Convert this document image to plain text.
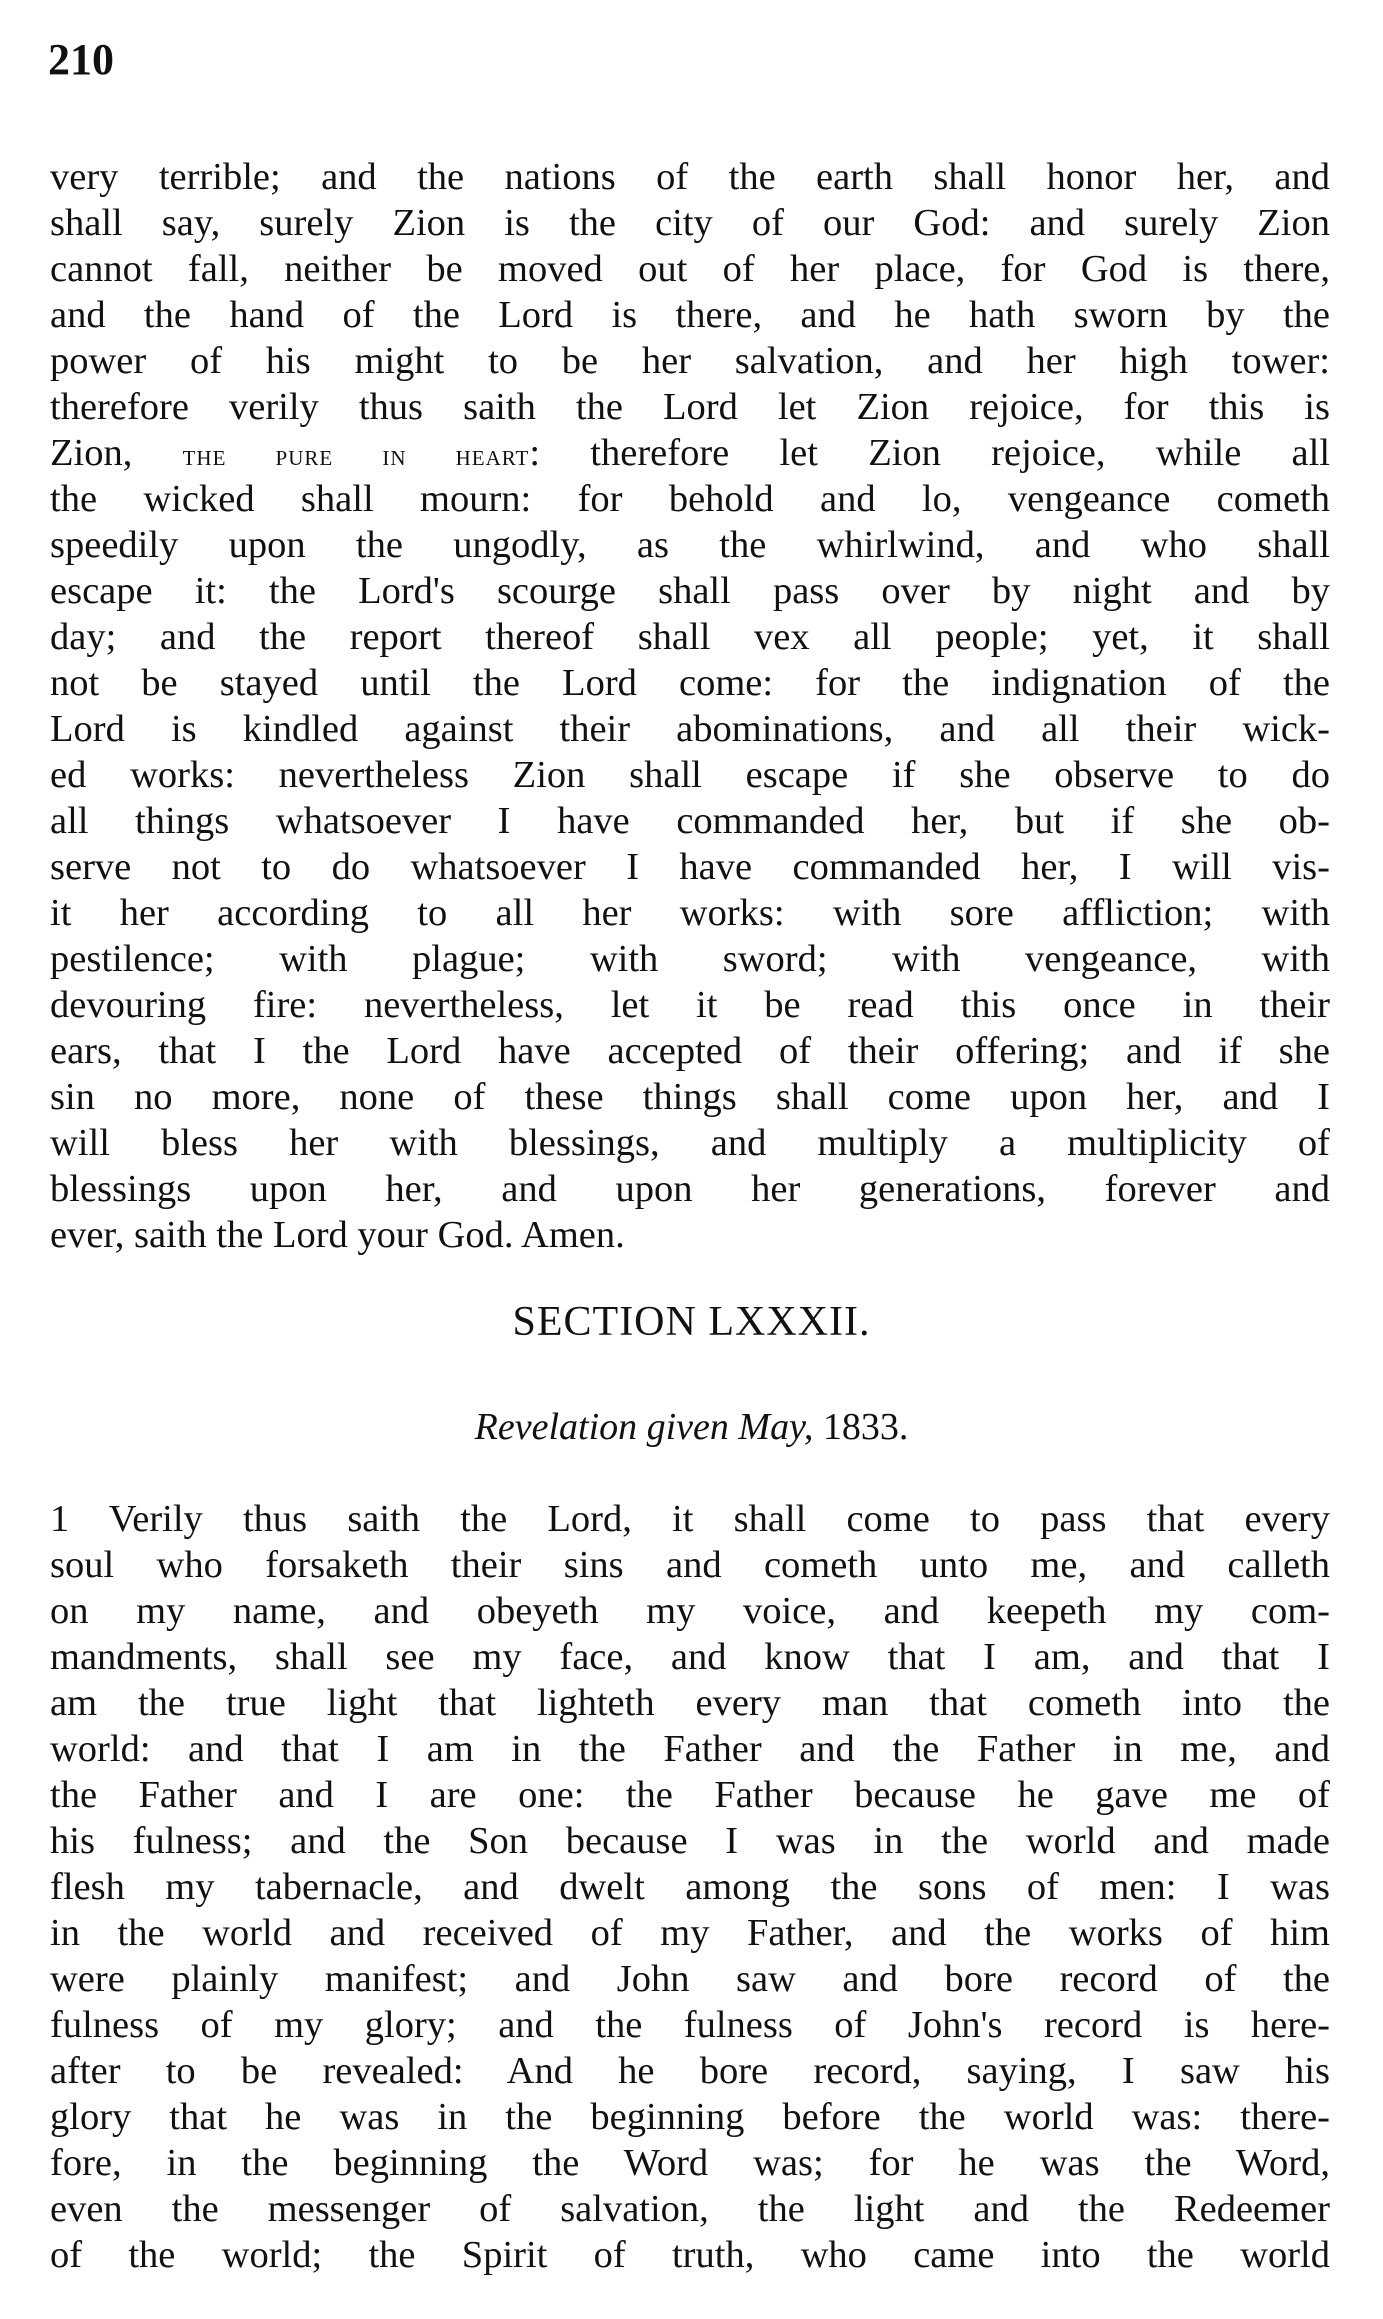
210
very terrible; and the nations of the earth shall honor her, and
shall say, surely Zion is the city of our God: and surely Zion
cannot fall, neither be moved out of her place, for God is there,
and the hand of the Lord is there, and he hath sworn by the
power of his might to be her salvation, and her high tower:
therefore verily thus saith the Lord let Zion rejoice, for this is
Zion, the pure in heart: therefore let Zion rejoice, while all
the wicked shall mourn: for behold and lo, vengeance cometh
speedily upon the ungodly, as the whirlwind, and who shall
escape it: the Lord's scourge shall pass over by night and by
day; and the report thereof shall vex all people; yet, it shall
not be stayed until the Lord come: for the indignation of the
Lord is kindled against their abominations, and all their wick-
ed works: nevertheless Zion shall escape if she observe to do
all things whatsoever I have commanded her, but if she ob-
serve not to do whatsoever I have commanded her, I will vis-
it her according to all her works: with sore affliction; with
pestilence; with plague; with sword; with vengeance, with
devouring fire: nevertheless, let it be read this once in their
ears, that I the Lord have accepted of their offering; and if she
sin no more, none of these things shall come upon her, and I
will bless her with blessings, and multiply a multiplicity of
blessings upon her, and upon her generations, forever and
ever, saith the Lord your God. Amen.
SECTION LXXXII.
Revelation given May, 1833.
1 Verily thus saith the Lord, it shall come to pass that every
soul who forsaketh their sins and cometh unto me, and calleth
on my name, and obeyeth my voice, and keepeth my com-
mandments, shall see my face, and know that I am, and that I
am the true light that lighteth every man that cometh into the
world: and that I am in the Father and the Father in me, and
the Father and I are one: the Father because he gave me of
his fulness; and the Son because I was in the world and made
flesh my tabernacle, and dwelt among the sons of men: I was
in the world and received of my Father, and the works of him
were plainly manifest; and John saw and bore record of the
fulness of my glory; and the fulness of John's record is here-
after to be revealed: And he bore record, saying, I saw his
glory that he was in the beginning before the world was: there-
fore, in the beginning the Word was; for he was the Word,
even the messenger of salvation, the light and the Redeemer
of the world; the Spirit of truth, who came into the world
